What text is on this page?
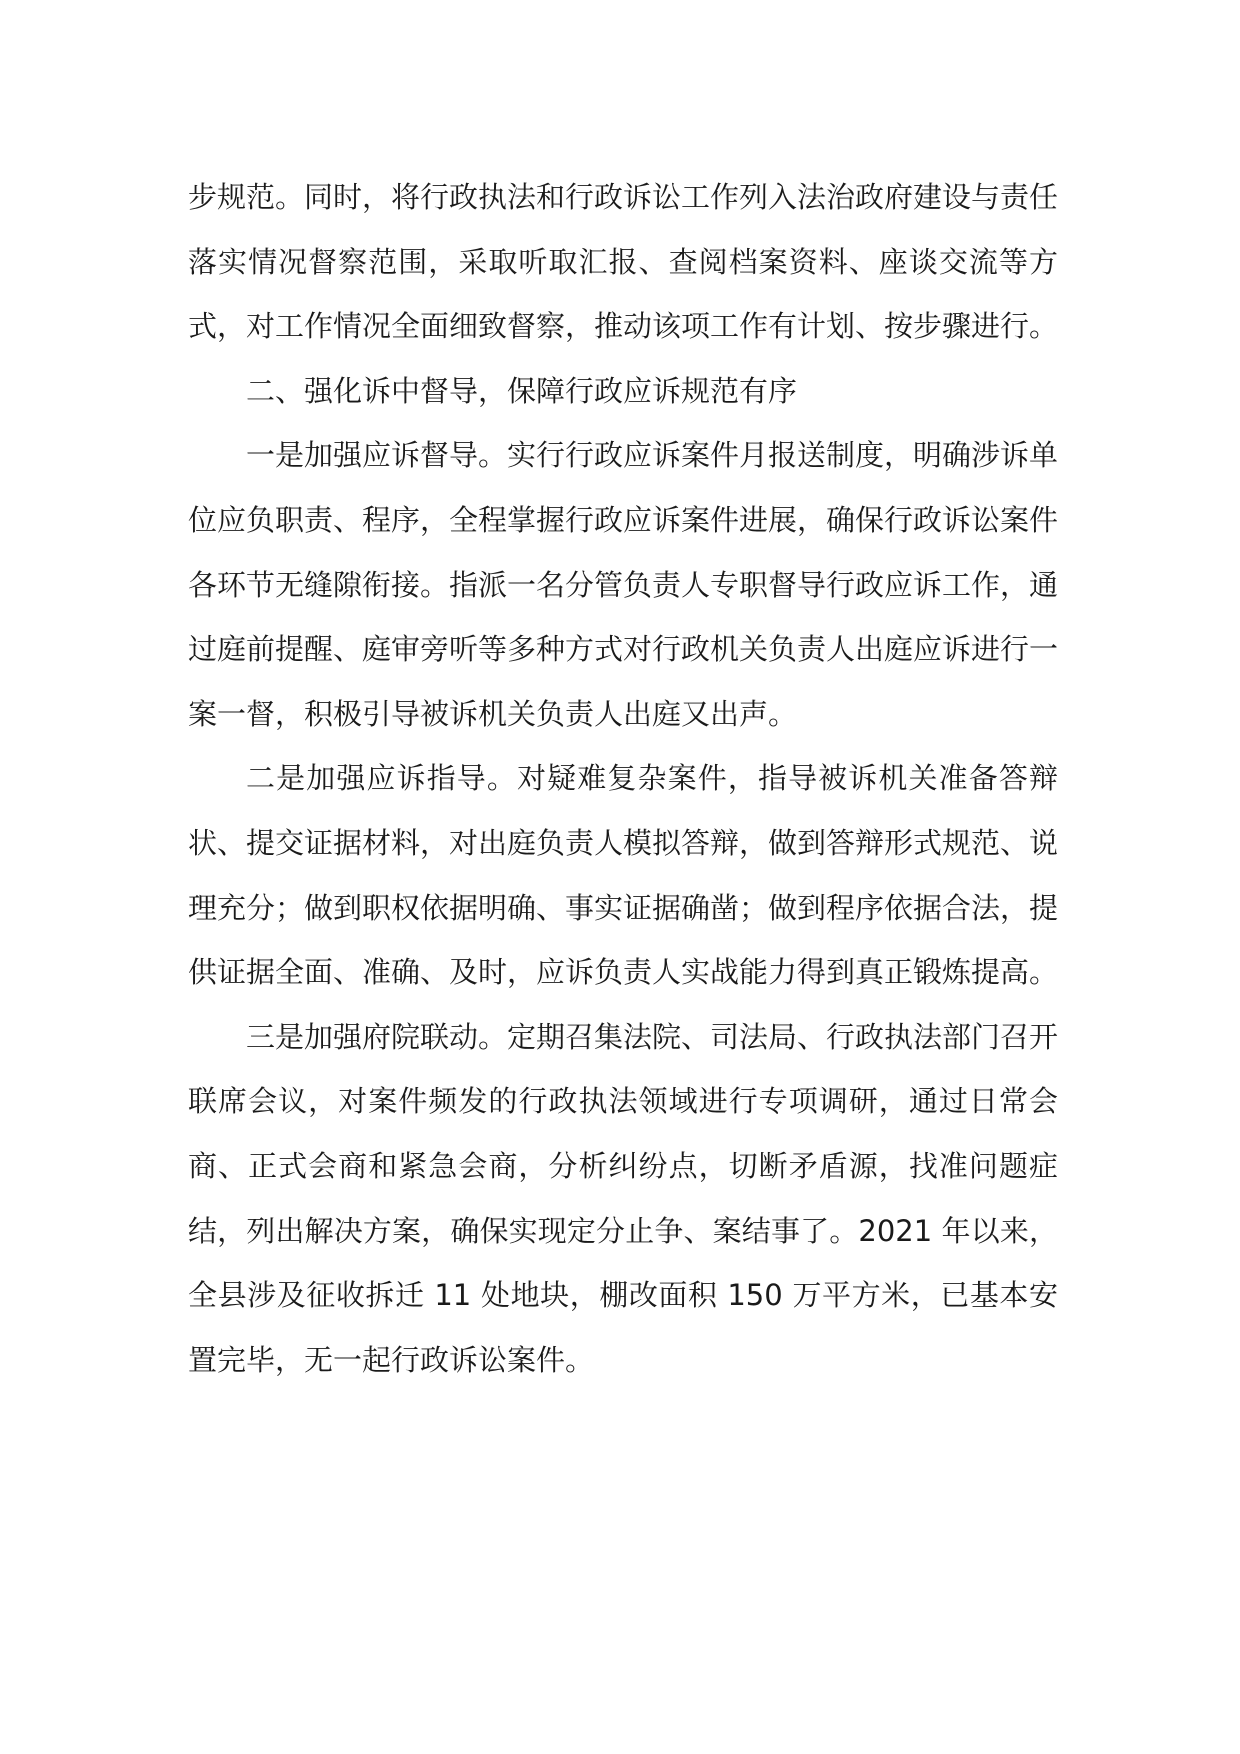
步规范。同时，将行政执法和行政诉讼工作列入法治政府建设与责任落实情况督察范围，采取听取汇报、查阅档案资料、座谈交流等方式，对工作情况全面细致督察，推动该项工作有计划、按步骤进行。

二、强化诉中督导，保障行政应诉规范有序

一是加强应诉督导。实行行政应诉案件月报送制度，明确涉诉单位应负职责、程序，全程掌握行政应诉案件进展，确保行政诉讼案件各环节无缝隙衔接。指派一名分管负责人专职督导行政应诉工作，通过庭前提醒、庭审旁听等多种方式对行政机关负责人出庭应诉进行一案一督，积极引导被诉机关负责人出庭又出声。

二是加强应诉指导。对疑难复杂案件，指导被诉机关准备答辩状、提交证据材料，对出庭负责人模拟答辩，做到答辩形式规范、说理充分；做到职权依据明确、事实证据确凿；做到程序依据合法，提供证据全面、准确、及时，应诉负责人实战能力得到真正锻炼提高。

三是加强府院联动。定期召集法院、司法局、行政执法部门召开联席会议，对案件频发的行政执法领域进行专项调研，通过日常会商、正式会商和紧急会商，分析纠纷点，切断矛盾源，找准问题症结，列出解决方案，确保实现定分止争、案结事了。2021 年以来，全县涉及征收拆迁 11 处地块，棚改面积 150 万平方米，已基本安置完毕，无一起行政诉讼案件。
